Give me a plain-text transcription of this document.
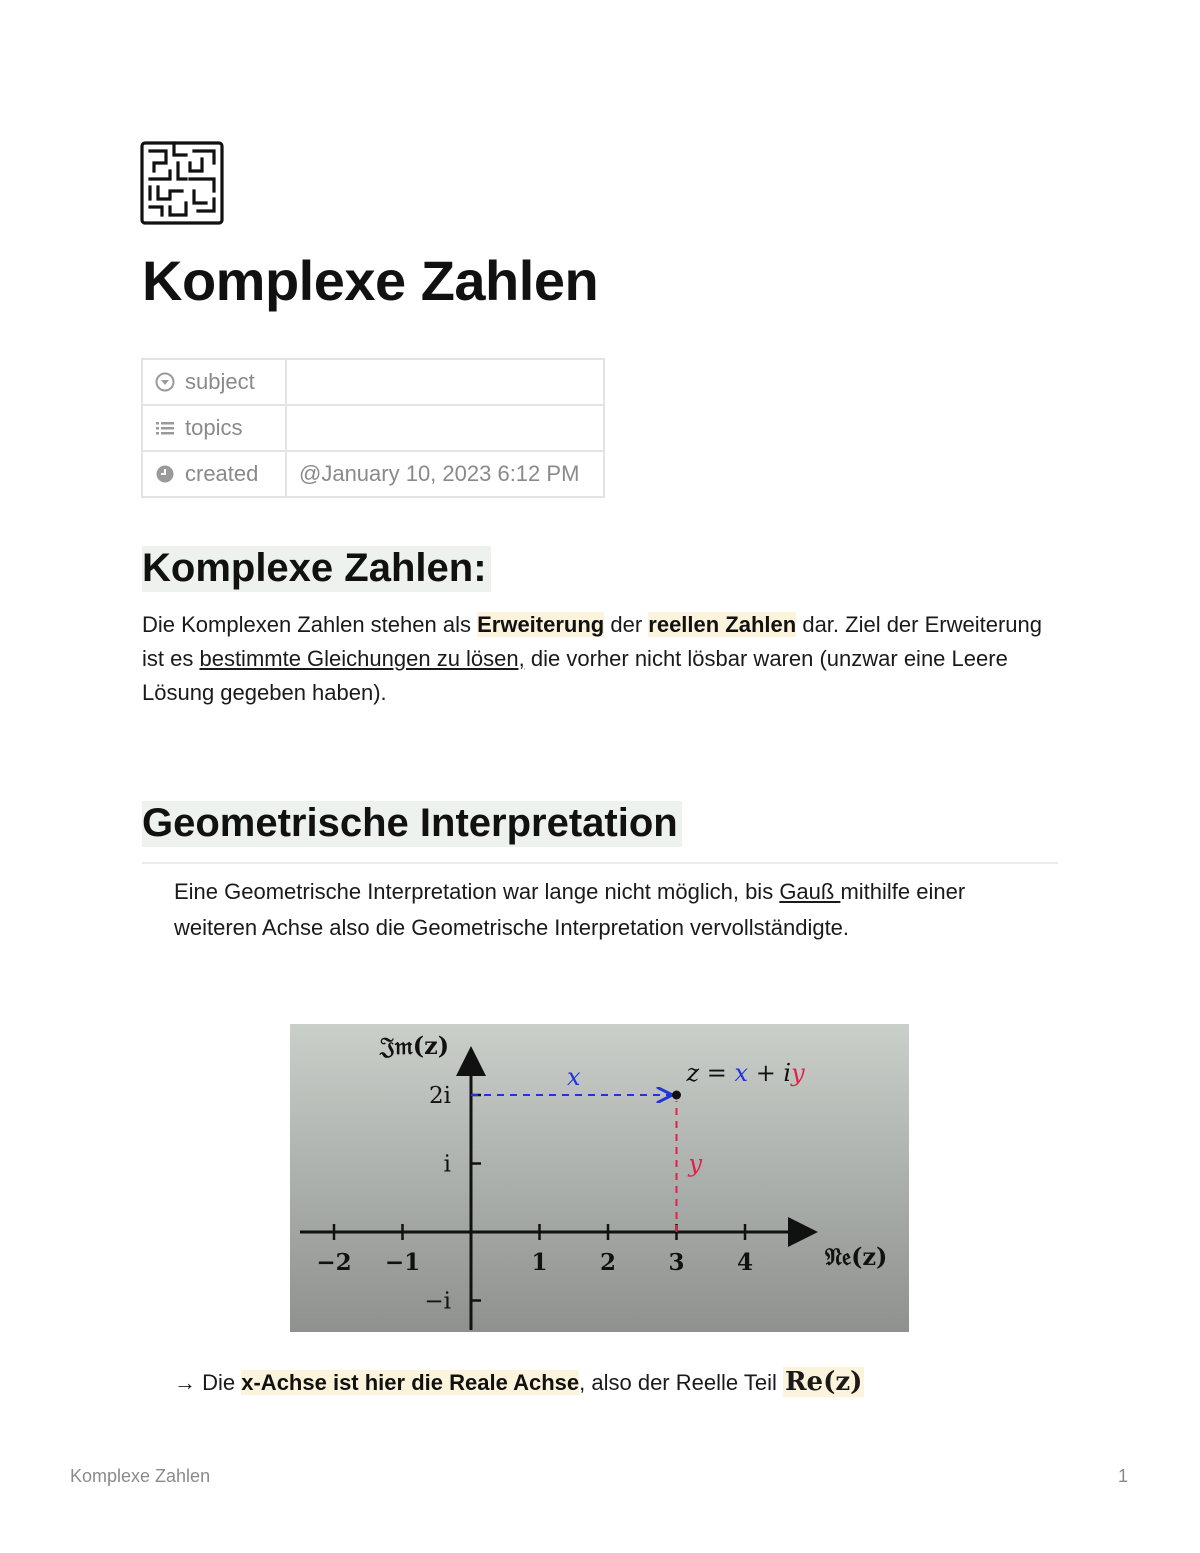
Komplexe Zahlen
subject	
topics	
created	@January 10, 2023 6:12 PM
Komplexe Zahlen:

Die Komplexen Zahlen stehen als Erweiterung der reellen Zahlen dar. Ziel der Erweiterung ist es bestimmte Gleichungen zu lösen, die vorher nicht lösbar waren (unzwar eine Leere Lösung gegeben haben).

Geometrische Interpretation

Eine Geometrische Interpretation war lange nicht möglich, bis Gauß mithilfe einer weiteren Achse also die Geometrische Interpretation vervollständigte.

−2 −1	1 2 3 4
2i
i
−i
x
y
z = x + iy
𝔍𝔪(z)
𝔑𝔢(z)
→ Die x-Achse ist hier die Reale Achse, also der Reelle Teil Re(z)
Komplexe Zahlen	1
